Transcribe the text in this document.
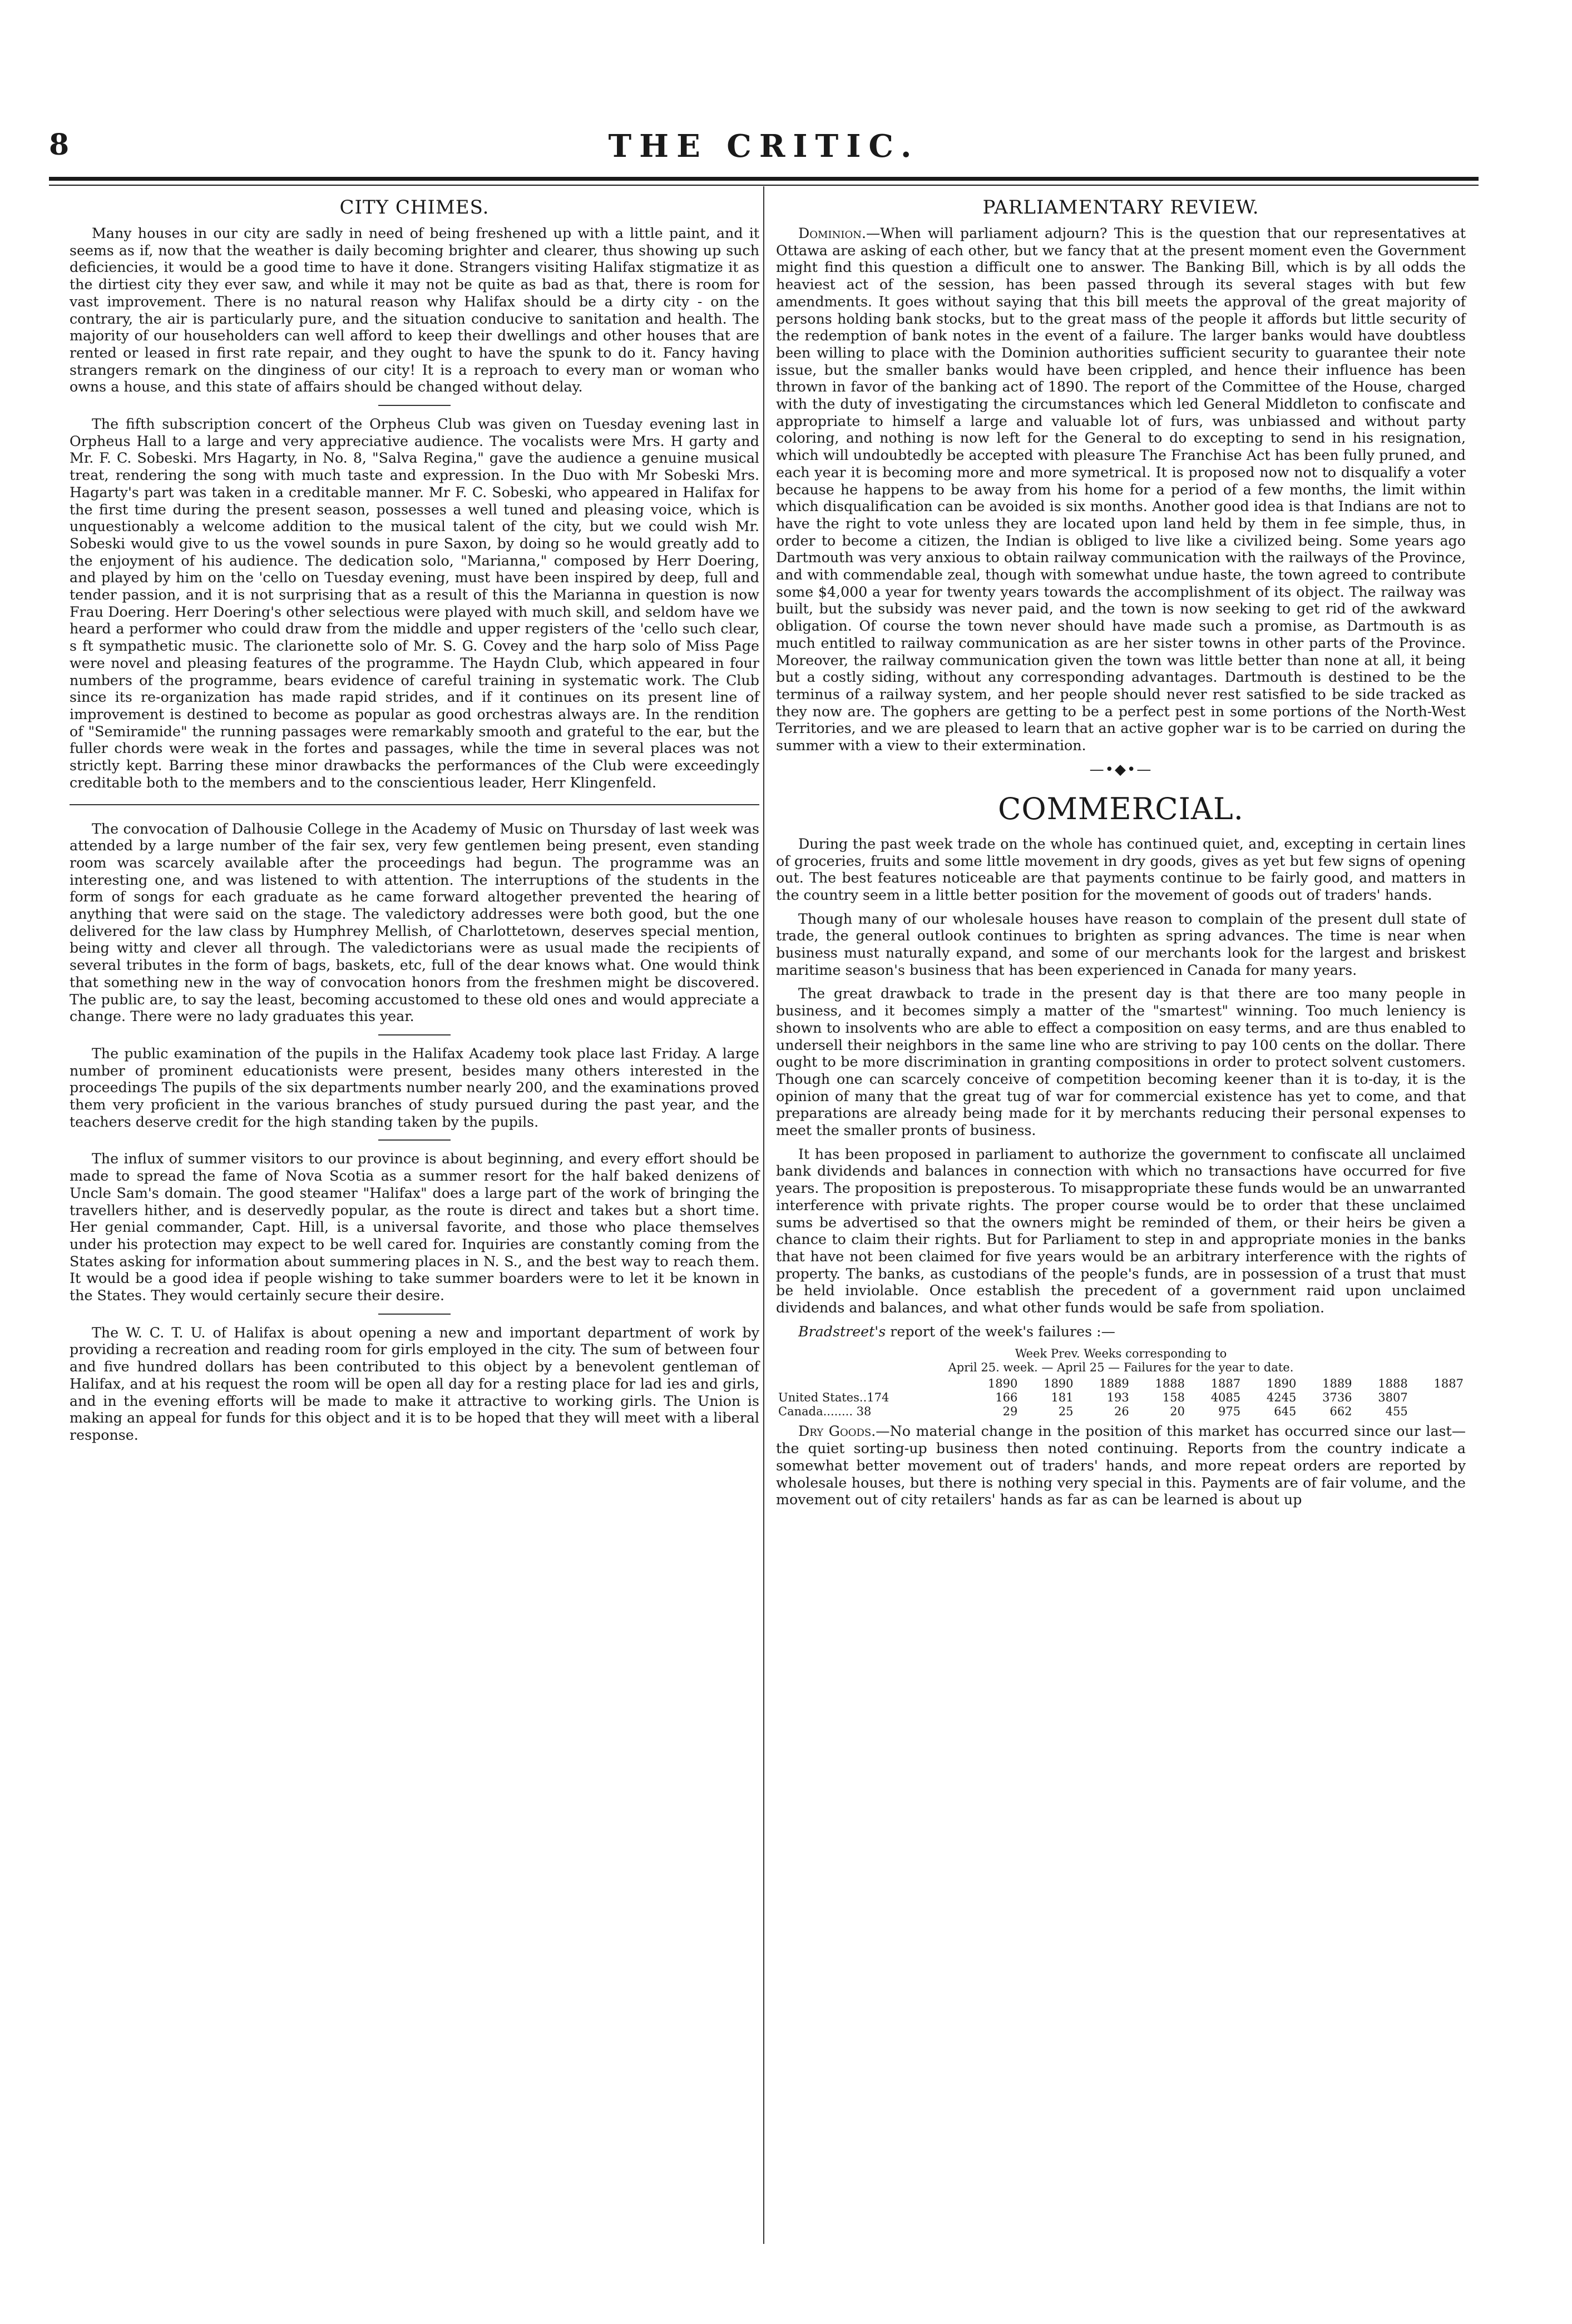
8	THE CRITIC.
CITY CHIMES.

Many houses in our city are sadly in need of being freshened up with a little paint, and it seems as if, now that the weather is daily becoming brighter and clearer, thus showing up such deficiencies, it would be a good time to have it done. Strangers visiting Halifax stigmatize it as the dirtiest city they ever saw, and while it may not be quite as bad as that, there is room for vast improvement. There is no natural reason why Halifax should be a dirty city - on the contrary, the air is particularly pure, and the situation conducive to sanitation and health. The majority of our householders can well afford to keep their dwellings and other houses that are rented or leased in first rate repair, and they ought to have the spunk to do it. Fancy having strangers remark on the dinginess of our city! It is a reproach to every man or woman who owns a house, and this state of affairs should be changed without delay.

The fifth subscription concert of the Orpheus Club was given on Tuesday evening last in Orpheus Hall to a large and very appreciative audience. The vocalists were Mrs. H garty and Mr. F. C. Sobeski. Mrs Hagarty, in No. 8, "Salva Regina," gave the audience a genuine musical treat, rendering the song with much taste and expression. In the Duo with Mr Sobeski Mrs. Hagarty's part was taken in a creditable manner. Mr F. C. Sobeski, who appeared in Halifax for the first time during the present season, possesses a well tuned and pleasing voice, which is unquestionably a welcome addition to the musical talent of the city, but we could wish Mr. Sobeski would give to us the vowel sounds in pure Saxon, by doing so he would greatly add to the enjoyment of his audience. The dedication solo, "Marianna," composed by Herr Doering, and played by him on the 'cello on Tuesday evening, must have been inspired by deep, full and tender passion, and it is not surprising that as a result of this the Marianna in question is now Frau Doering. Herr Doering's other selectious were played with much skill, and seldom have we heard a performer who could draw from the middle and upper registers of the 'cello such clear, s ft sympathetic music. The clarionette solo of Mr. S. G. Covey and the harp solo of Miss Page were novel and pleasing features of the programme. The Haydn Club, which appeared in four numbers of the programme, bears evidence of careful training in systematic work. The Club since its re-organization has made rapid strides, and if it continues on its present line of improvement is destined to become as popular as good orchestras always are. In the rendition of "Semiramide" the running passages were remarkably smooth and grateful to the ear, but the fuller chords were weak in the fortes and passages, while the time in several places was not strictly kept. Barring these minor drawbacks the performances of the Club were exceedingly creditable both to the members and to the conscientious leader, Herr Klingenfeld.

The convocation of Dalhousie College in the Academy of Music on Thursday of last week was attended by a large number of the fair sex, very few gentlemen being present, even standing room was scarcely available after the proceedings had begun. The programme was an interesting one, and was listened to with attention. The interruptions of the students in the form of songs for each graduate as he came forward altogether prevented the hearing of anything that were said on the stage. The valedictory addresses were both good, but the one delivered for the law class by Humphrey Mellish, of Charlottetown, deserves special mention, being witty and clever all through. The valedictorians were as usual made the recipients of several tributes in the form of bags, baskets, etc, full of the dear knows what. One would think that something new in the way of convocation honors from the freshmen might be discovered. The public are, to say the least, becoming accustomed to these old ones and would appreciate a change. There were no lady graduates this year.

The public examination of the pupils in the Halifax Academy took place last Friday. A large number of prominent educationists were present, besides many others interested in the proceedings The pupils of the six departments number nearly 200, and the examinations proved them very proficient in the various branches of study pursued during the past year, and the teachers deserve credit for the high standing taken by the pupils.

The influx of summer visitors to our province is about beginning, and every effort should be made to spread the fame of Nova Scotia as a summer resort for the half baked denizens of Uncle Sam's domain. The good steamer "Halifax" does a large part of the work of bringing the travellers hither, and is deservedly popular, as the route is direct and takes but a short time. Her genial commander, Capt. Hill, is a universal favorite, and those who place themselves under his protection may expect to be well cared for. Inquiries are constantly coming from the States asking for information about summering places in N. S., and the best way to reach them. It would be a good idea if people wishing to take summer boarders were to let it be known in the States. They would certainly secure their desire.

The W. C. T. U. of Halifax is about opening a new and important department of work by providing a recreation and reading room for girls employed in the city. The sum of between four and five hundred dollars has been contributed to this object by a benevolent gentleman of Halifax, and at his request the room will be open all day for a resting place for lad ies and girls, and in the evening efforts will be made to make it attractive to working girls. The Union is making an appeal for funds for this object and it is to be hoped that they will meet with a liberal response.

PARLIAMENTARY REVIEW.

Dominion.—When will parliament adjourn? This is the question that our representatives at Ottawa are asking of each other, but we fancy that at the present moment even the Government might find this question a difficult one to answer. The Banking Bill, which is by all odds the heaviest act of the session, has been passed through its several stages with but few amendments. It goes without saying that this bill meets the approval of the great majority of persons holding bank stocks, but to the great mass of the people it affords but little security of the redemption of bank notes in the event of a failure. The larger banks would have doubtless been willing to place with the Dominion authorities sufficient security to guarantee their note issue, but the smaller banks would have been crippled, and hence their influence has been thrown in favor of the banking act of 1890. The report of the Committee of the House, charged with the duty of investigating the circumstances which led General Middleton to confiscate and appropriate to himself a large and valuable lot of furs, was unbiassed and without party coloring, and nothing is now left for the General to do excepting to send in his resignation, which will undoubtedly be accepted with pleasure The Franchise Act has been fully pruned, and each year it is becoming more and more symetrical. It is proposed now not to disqualify a voter because he happens to be away from his home for a period of a few months, the limit within which disqualification can be avoided is six months. Another good idea is that Indians are not to have the right to vote unless they are located upon land held by them in fee simple, thus, in order to become a citizen, the Indian is obliged to live like a civilized being. Some years ago Dartmouth was very anxious to obtain railway communication with the railways of the Province, and with commendable zeal, though with somewhat undue haste, the town agreed to contribute some $4,000 a year for twenty years towards the accomplishment of its object. The railway was built, but the subsidy was never paid, and the town is now seeking to get rid of the awkward obligation. Of course the town never should have made such a promise, as Dartmouth is as much entitled to railway communication as are her sister towns in other parts of the Province. Moreover, the railway communication given the town was little better than none at all, it being but a costly siding, without any corresponding advantages. Dartmouth is destined to be the terminus of a railway system, and her people should never rest satisfied to be side tracked as they now are. The gophers are getting to be a perfect pest in some portions of the North-West Territories, and we are pleased to learn that an active gopher war is to be carried on during the summer with a view to their extermination.

—•◆•—
COMMERCIAL.

During the past week trade on the whole has continued quiet, and, excepting in certain lines of groceries, fruits and some little movement in dry goods, gives as yet but few signs of opening out. The best features noticeable are that payments continue to be fairly good, and matters in the country seem in a little better position for the movement of goods out of traders' hands.

Though many of our wholesale houses have reason to complain of the present dull state of trade, the general outlook continues to brighten as spring advances. The time is near when business must naturally expand, and some of our merchants look for the largest and briskest maritime season's business that has been experienced in Canada for many years.

The great drawback to trade in the present day is that there are too many people in business, and it becomes simply a matter of the "smartest" winning. Too much leniency is shown to insolvents who are able to effect a composition on easy terms, and are thus enabled to undersell their neighbors in the same line who are striving to pay 100 cents on the dollar. There ought to be more discrimination in granting compositions in order to protect solvent customers. Though one can scarcely conceive of competition becoming keener than it is to-day, it is the opinion of many that the great tug of war for commercial existence has yet to come, and that preparations are already being made for it by merchants reducing their personal expenses to meet the smaller pronts of business.

It has been proposed in parliament to authorize the government to confiscate all unclaimed bank dividends and balances in connection with which no transactions have occurred for five years. The proposition is preposterous. To misappropriate these funds would be an unwarranted interference with private rights. The proper course would be to order that these unclaimed sums be advertised so that the owners might be reminded of them, or their heirs be given a chance to claim their rights. But for Parliament to step in and appropriate monies in the banks that have not been claimed for five years would be an arbitrary interference with the rights of property. The banks, as custodians of the people's funds, are in possession of a trust that must be held inviolable. Once establish the precedent of a government raid upon unclaimed dividends and balances, and what other funds would be safe from spoliation.

Bradstreet's report of the week's failures :—

Week Prev. Weeks corresponding to

April 25. week. — April 25 — Failures for the year to date.

	1890	1890	1889	1888	1887	1890	1889	1888	1887
United States..174	166	181	193	158	4085	4245	3736	3807	
Canada........ 38	29	25	26	20	975	645	662	455	

Dry Goods.—No material change in the position of this market has occurred since our last—the quiet sorting-up business then noted continuing. Reports from the country indicate a somewhat better movement out of traders' hands, and more repeat orders are reported by wholesale houses, but there is nothing very special in this. Payments are of fair volume, and the movement out of city retailers' hands as far as can be learned is about up
